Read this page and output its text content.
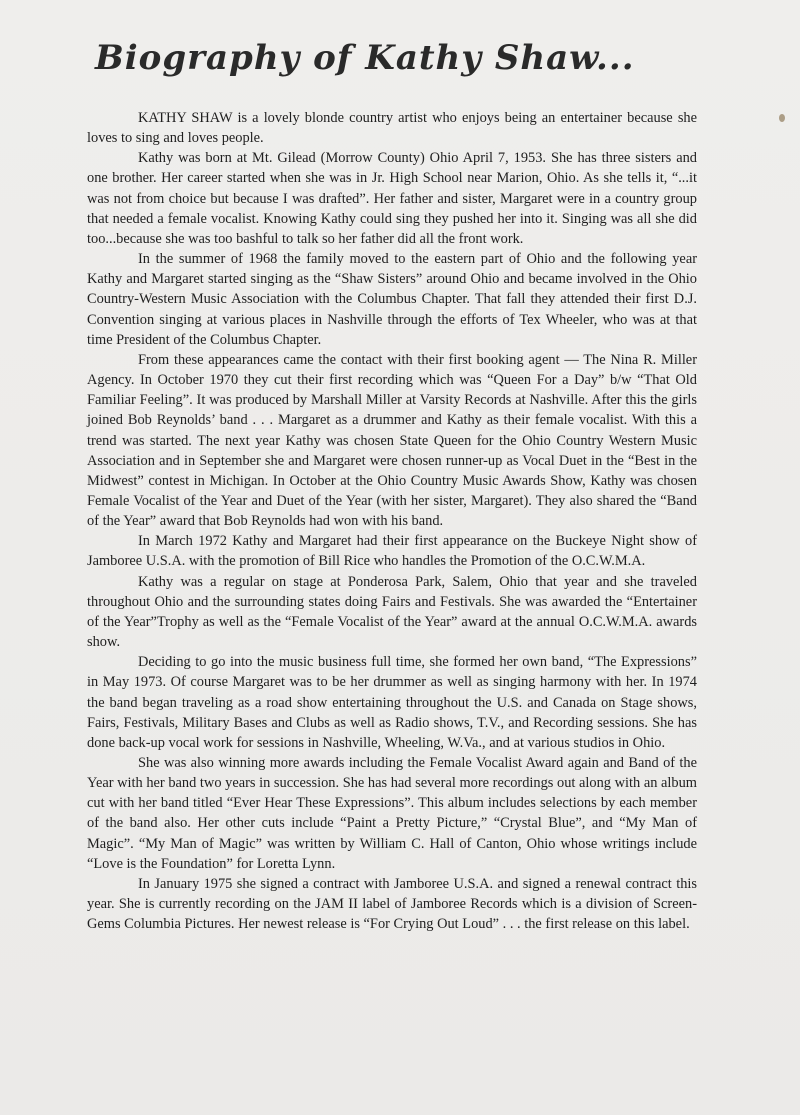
Biography of Kathy Shaw...

KATHY SHAW is a lovely blonde country artist who enjoys being an entertainer because she loves to sing and loves people.

Kathy was born at Mt. Gilead (Morrow County) Ohio April 7, 1953. She has three sisters and one brother. Her career started when she was in Jr. High School near Marion, Ohio. As she tells it, “...it was not from choice but because I was drafted”. Her father and sister, Margaret were in a country group that needed a female vocalist. Knowing Kathy could sing they pushed her into it. Singing was all she did too...because she was too bashful to talk so her father did all the front work.

In the summer of 1968 the family moved to the eastern part of Ohio and the following year Kathy and Margaret started singing as the “Shaw Sisters” around Ohio and became involved in the Ohio Country-Western Music Association with the Columbus Chapter. That fall they attended their first D.J. Convention singing at various places in Nashville through the efforts of Tex Wheeler, who was at that time President of the Columbus Chapter.

From these appearances came the contact with their first booking agent — The Nina R. Miller Agency. In October 1970 they cut their first recording which was “Queen For a Day” b/w “That Old Familiar Feeling”. It was produced by Marshall Miller at Varsity Records at Nashville. After this the girls joined Bob Reynolds’ band . . . Margaret as a drummer and Kathy as their female vocalist. With this a trend was started. The next year Kathy was chosen State Queen for the Ohio Country Western Music Association and in September she and Margaret were chosen runner-up as Vocal Duet in the “Best in the Midwest” contest in Michigan. In October at the Ohio Country Music Awards Show, Kathy was chosen Female Vocalist of the Year and Duet of the Year (with her sister, Margaret). They also shared the “Band of the Year” award that Bob Reynolds had won with his band.

In March 1972 Kathy and Margaret had their first appearance on the Buckeye Night show of Jamboree U.S.A. with the promotion of Bill Rice who handles the Promotion of the O.C.W.M.A.

Kathy was a regular on stage at Ponderosa Park, Salem, Ohio that year and she traveled throughout Ohio and the surrounding states doing Fairs and Festivals. She was awarded the “Entertainer of the Year”Trophy as well as the “Female Vocalist of the Year” award at the annual O.C.W.M.A. awards show.

Deciding to go into the music business full time, she formed her own band, “The Expressions” in May 1973. Of course Margaret was to be her drummer as well as singing harmony with her. In 1974 the band began traveling as a road show entertaining throughout the U.S. and Canada on Stage shows, Fairs, Festivals, Military Bases and Clubs as well as Radio shows, T.V., and Recording sessions. She has done back-up vocal work for sessions in Nashville, Wheeling, W.Va., and at various studios in Ohio.

She was also winning more awards including the Female Vocalist Award again and Band of the Year with her band two years in succession. She has had several more recordings out along with an album cut with her band titled “Ever Hear These Expressions”. This album includes selections by each member of the band also. Her other cuts include “Paint a Pretty Picture,” “Crystal Blue”, and “My Man of Magic”. “My Man of Magic” was written by William C. Hall of Canton, Ohio whose writings include “Love is the Foundation” for Loretta Lynn.

In January 1975 she signed a contract with Jamboree U.S.A. and signed a renewal contract this year. She is currently recording on the JAM II label of Jamboree Records which is a division of Screen-Gems Columbia Pictures. Her newest release is “For Crying Out Loud” . . . the first release on this label.
